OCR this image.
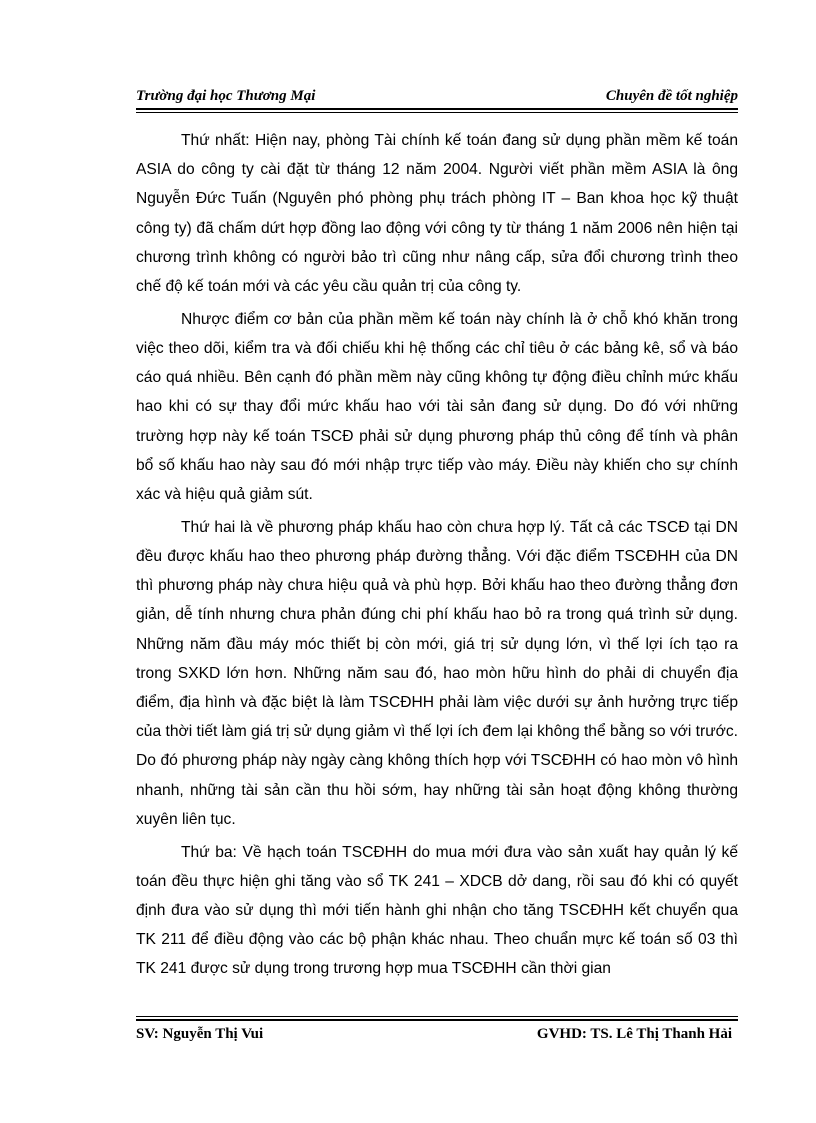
Trường đại học Thương Mại	Chuyên đề tốt nghiệp

Thứ nhất: Hiện nay, phòng Tài chính kế toán đang sử dụng phần mềm kế toán ASIA do công ty cài đặt từ tháng 12 năm 2004. Người viết phần mềm ASIA là ông Nguyễn Đức Tuấn (Nguyên phó phòng phụ trách phòng IT – Ban khoa học kỹ thuật công ty) đã chấm dứt hợp đồng lao động với công ty từ tháng 1 năm 2006 nên hiện tại chương trình không có người bảo trì cũng như nâng cấp, sửa đổi chương trình theo chế độ kế toán mới và các yêu cầu quản trị của công ty.

Nhược điểm cơ bản của phần mềm kế toán này chính là ở chỗ khó khăn trong việc theo dõi, kiểm tra và đối chiếu khi hệ thống các chỉ tiêu ở các bảng kê, sổ và báo cáo quá nhiều. Bên cạnh đó phần mềm này cũng không tự động điều chỉnh mức khấu hao khi có sự thay đổi mức khấu hao với tài sản đang sử dụng. Do đó với những trường hợp này kế toán TSCĐ phải sử dụng phương pháp thủ công để tính và phân bổ số khấu hao này sau đó mới nhập trực tiếp vào máy. Điều này khiến cho sự chính xác và hiệu quả giảm sút.

Thứ hai là về phương pháp khấu hao còn chưa hợp lý. Tất cả các TSCĐ tại DN đều được khấu hao theo phương pháp đường thẳng. Với đặc điểm TSCĐHH của DN thì phương pháp này chưa hiệu quả và phù hợp. Bởi khấu hao theo đường thẳng đơn giản, dễ tính nhưng chưa phản đúng chi phí khấu hao bỏ ra trong quá trình sử dụng. Những năm đầu máy móc thiết bị còn mới, giá trị sử dụng lớn, vì thế lợi ích tạo ra trong SXKD lớn hơn. Những năm sau đó, hao mòn hữu hình do phải di chuyển địa điểm, địa hình và đặc biệt là làm TSCĐHH phải làm việc dưới sự ảnh hưởng trực tiếp của thời tiết làm giá trị sử dụng giảm vì thế lợi ích đem lại không thể bằng so với trước. Do đó phương pháp này ngày càng không thích hợp với TSCĐHH có hao mòn vô hình nhanh, những tài sản cần thu hồi sớm, hay những tài sản hoạt động không thường xuyên liên tục.

Thứ ba: Về hạch toán TSCĐHH do mua mới đưa vào sản xuất hay quản lý kế toán đều thực hiện ghi tăng vào sổ TK 241 – XDCB dở dang, rồi sau đó khi có quyết định đưa vào sử dụng thì mới tiến hành ghi nhận cho tăng TSCĐHH kết chuyển qua TK 211 để điều động vào các bộ phận khác nhau. Theo chuẩn mực kế toán số 03 thì TK 241 được sử dụng trong trương hợp mua TSCĐHH cần thời gian

SV: Nguyễn Thị Vui	GVHD: TS. Lê Thị Thanh Hải
